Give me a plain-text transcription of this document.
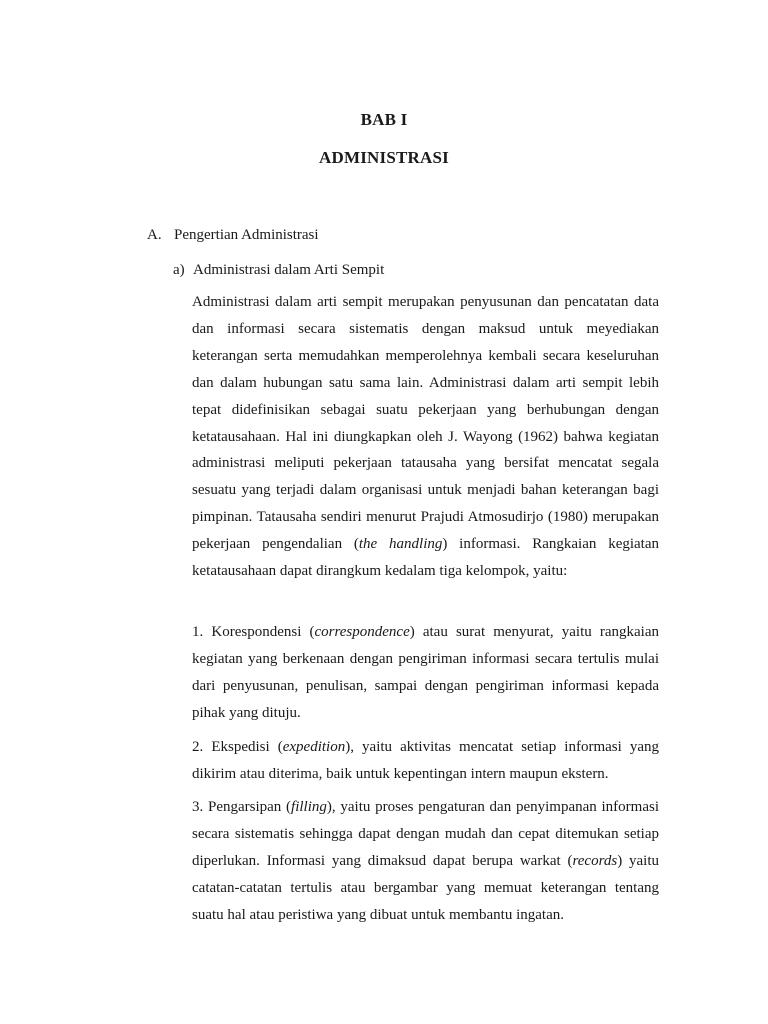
BAB I
ADMINISTRASI
A. Pengertian Administrasi
a) Administrasi dalam Arti Sempit

Administrasi dalam arti sempit merupakan penyusunan dan pencatatan data dan informasi secara sistematis dengan maksud untuk meyediakan keterangan serta memudahkan memperolehnya kembali secara keseluruhan dan dalam hubungan satu sama lain. Administrasi dalam arti sempit lebih tepat didefinisikan sebagai suatu pekerjaan yang berhubungan dengan ketatausahaan. Hal ini diungkapkan oleh J. Wayong (1962) bahwa kegiatan administrasi meliputi pekerjaan tatausaha yang bersifat mencatat segala sesuatu yang terjadi dalam organisasi untuk menjadi bahan keterangan bagi pimpinan. Tatausaha sendiri menurut Prajudi Atmosudirjo (1980) merupakan pekerjaan pengendalian (the handling) informasi. Rangkaian kegiatan ketatausahaan dapat dirangkum kedalam tiga kelompok, yaitu:

1. Korespondensi (correspondence) atau surat menyurat, yaitu rangkaian kegiatan yang berkenaan dengan pengiriman informasi secara tertulis mulai dari penyusunan, penulisan, sampai dengan pengiriman informasi kepada pihak yang dituju.

2. Ekspedisi (expedition), yaitu aktivitas mencatat setiap informasi yang dikirim atau diterima, baik untuk kepentingan intern maupun ekstern.

3. Pengarsipan (filling), yaitu proses pengaturan dan penyimpanan informasi secara sistematis sehingga dapat dengan mudah dan cepat ditemukan setiap diperlukan. Informasi yang dimaksud dapat berupa warkat (records) yaitu catatan-catatan tertulis atau bergambar yang memuat keterangan tentang suatu hal atau peristiwa yang dibuat untuk membantu ingatan.
